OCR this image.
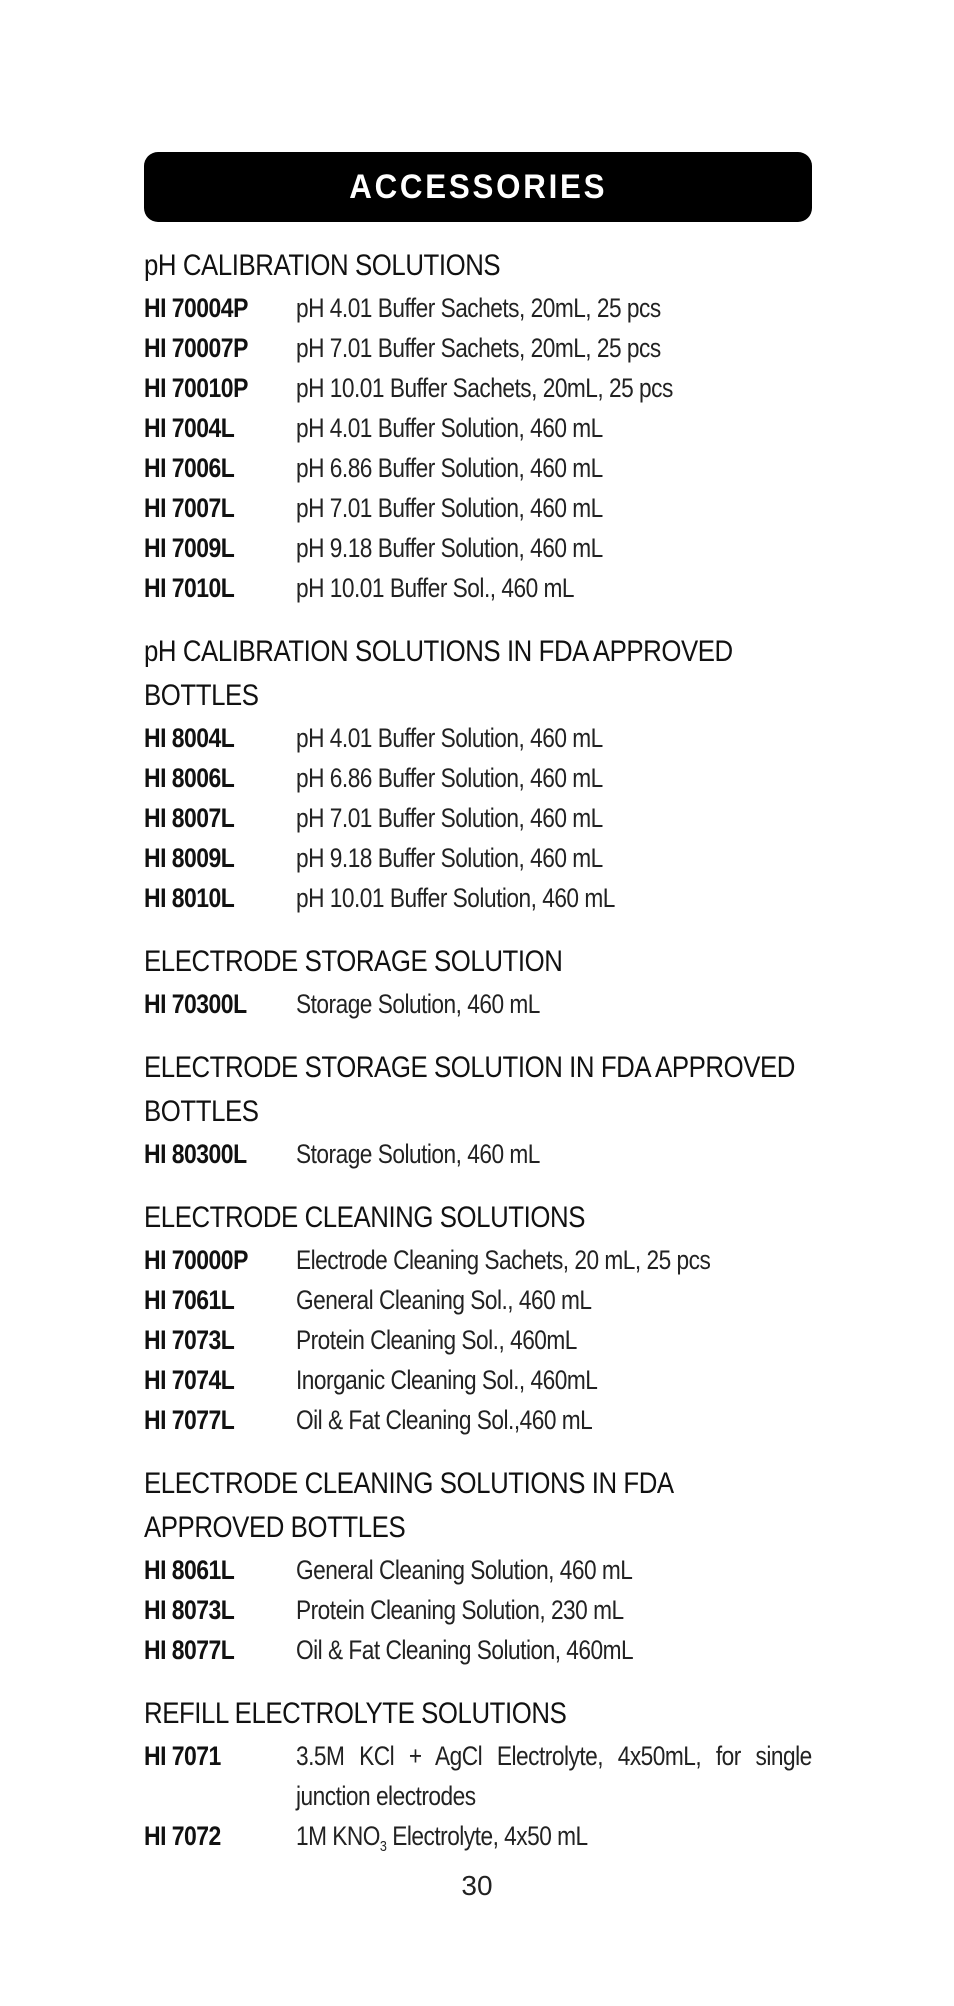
ACCESSORIES
pH CALIBRATION SOLUTIONS
HI 70004P	pH 4.01 Buffer Sachets, 20mL, 25 pcs
HI 70007P	pH 7.01 Buffer Sachets, 20mL, 25 pcs
HI 70010P	pH 10.01 Buffer Sachets, 20mL, 25 pcs
HI 7004L	pH 4.01 Buffer Solution, 460 mL
HI 7006L	pH 6.86 Buffer Solution, 460 mL
HI 7007L	pH 7.01 Buffer Solution, 460 mL
HI 7009L	pH 9.18 Buffer Solution, 460 mL
HI 7010L	pH 10.01 Buffer Sol., 460 mL
pH CALIBRATION SOLUTIONS IN FDA APPROVED
BOTTLES
HI 8004L	pH 4.01 Buffer Solution, 460 mL
HI 8006L	pH 6.86 Buffer Solution, 460 mL
HI 8007L	pH 7.01 Buffer Solution, 460 mL
HI 8009L	pH 9.18 Buffer Solution, 460 mL
HI 8010L	pH 10.01 Buffer Solution, 460 mL
ELECTRODE STORAGE SOLUTION
HI 70300L	Storage Solution, 460 mL
ELECTRODE STORAGE SOLUTION IN FDA APPROVED
BOTTLES
HI 80300L	Storage Solution, 460 mL
ELECTRODE CLEANING SOLUTIONS
HI 70000P	Electrode Cleaning Sachets, 20 mL, 25 pcs
HI 7061L	General Cleaning Sol., 460 mL
HI 7073L	Protein Cleaning Sol., 460mL
HI 7074L	Inorganic Cleaning Sol., 460mL
HI 7077L	Oil & Fat Cleaning Sol.,460 mL
ELECTRODE CLEANING SOLUTIONS IN FDA
APPROVED BOTTLES
HI 8061L	General Cleaning Solution, 460 mL
HI 8073L	Protein Cleaning Solution, 230 mL
HI 8077L	Oil & Fat Cleaning Solution, 460mL
REFILL ELECTROLYTE SOLUTIONS
HI 7071	3.5M KCl + AgCl Electrolyte, 4x50mL, for single junction electrodes
HI 7072	1M $KNO_3$ Electrolyte, 4x50 mL
30
